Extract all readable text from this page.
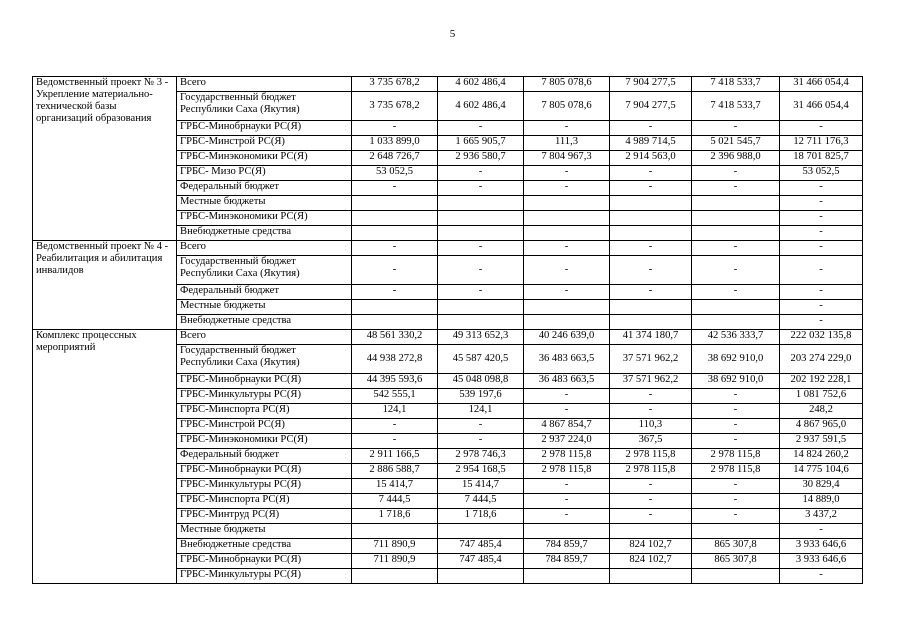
5
Ведомственный проект № 3 - Укрепление материально-технической базы организаций образования	Всего	3 735 678,2	4 602 486,4	7 805 078,6	7 904 277,5	7 418 533,7	31 466 054,4
	Государственный бюджет Республики Саха (Якутия)	3 735 678,2	4 602 486,4	7 805 078,6	7 904 277,5	7 418 533,7	31 466 054,4
	ГРБС-Минобрнауки РС(Я)	-	-	-	-	-	-
	ГРБС-Минстрой РС(Я)	1 033 899,0	1 665 905,7	111,3	4 989 714,5	5 021 545,7	12 711 176,3
	ГРБС-Минэкономики РС(Я)	2 648 726,7	2 936 580,7	7 804 967,3	2 914 563,0	2 396 988,0	18 701 825,7
	ГРБС- Мизо РС(Я)	53 052,5	-	-	-	-	53 052,5
	Федеральный бюджет	-	-	-	-	-	-
	Местные бюджеты						-
	ГРБС-Минэкономики РС(Я)						-
	Внебюджетные средства						-
Ведомственный проект № 4 - Реабилитация и абилитация инвалидов	Всего	-	-	-	-	-	-
	Государственный бюджет Республики Саха (Якутия)	-	-	-	-	-	-
	Федеральный бюджет	-	-	-	-	-	-
	Местные бюджеты						-
	Внебюджетные средства						-
Комплекс процессных мероприятий	Всего	48 561 330,2	49 313 652,3	40 246 639,0	41 374 180,7	42 536 333,7	222 032 135,8
	Государственный бюджет Республики Саха (Якутия)	44 938 272,8	45 587 420,5	36 483 663,5	37 571 962,2	38 692 910,0	203 274 229,0
	ГРБС-Минобрнауки РС(Я)	44 395 593,6	45 048 098,8	36 483 663,5	37 571 962,2	38 692 910,0	202 192 228,1
	ГРБС-Минкультуры РС(Я)	542 555,1	539 197,6	-	-	-	1 081 752,6
	ГРБС-Минспорта РС(Я)	124,1	124,1	-	-	-	248,2
	ГРБС-Минстрой РС(Я)	-	-	4 867 854,7	110,3	-	4 867 965,0
	ГРБС-Минэкономики РС(Я)	-	-	2 937 224,0	367,5	-	2 937 591,5
	Федеральный бюджет	2 911 166,5	2 978 746,3	2 978 115,8	2 978 115,8	2 978 115,8	14 824 260,2
	ГРБС-Минобрнауки РС(Я)	2 886 588,7	2 954 168,5	2 978 115,8	2 978 115,8	2 978 115,8	14 775 104,6
	ГРБС-Минкультуры РС(Я)	15 414,7	15 414,7	-	-	-	30 829,4
	ГРБС-Минспорта РС(Я)	7 444,5	7 444,5	-	-	-	14 889,0
	ГРБС-Минтруд РС(Я)	1 718,6	1 718,6	-	-	-	3 437,2
	Местные бюджеты						-
	Внебюджетные средства	711 890,9	747 485,4	784 859,7	824 102,7	865 307,8	3 933 646,6
	ГРБС-Минобрнауки РС(Я)	711 890,9	747 485,4	784 859,7	824 102,7	865 307,8	3 933 646,6
	ГРБС-Минкультуры РС(Я)						-
